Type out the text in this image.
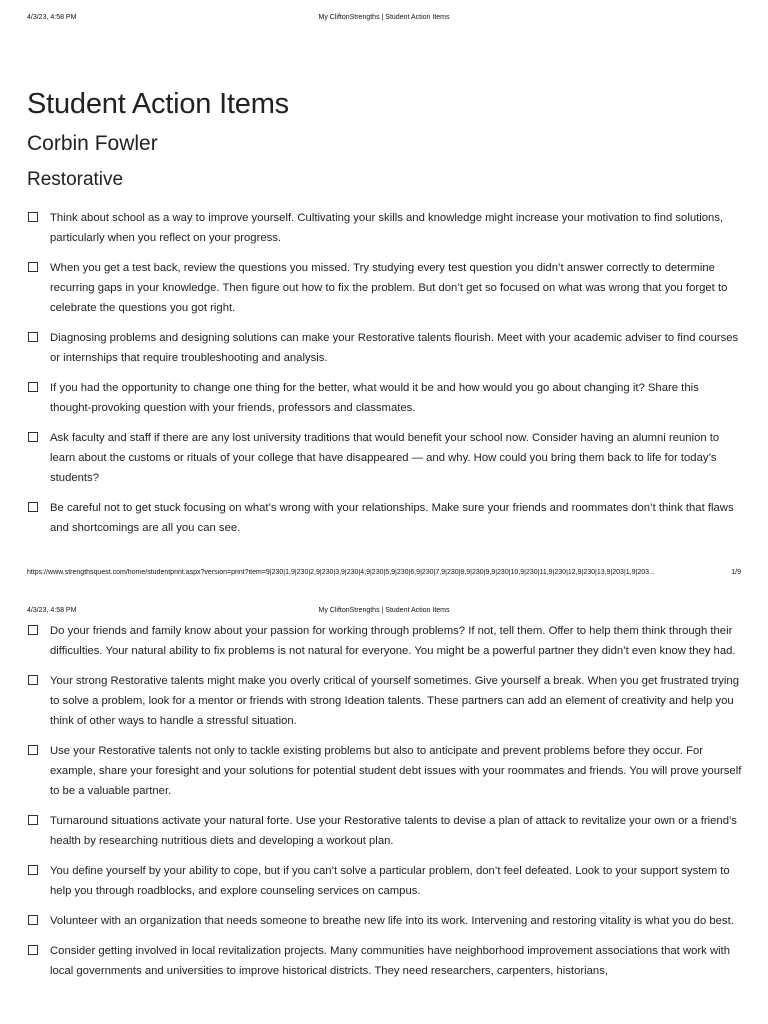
4/3/23, 4:58 PM	My CliftonStrengths | Student Action Items
Student Action Items
Corbin Fowler
Restorative
Think about school as a way to improve yourself. Cultivating your skills and knowledge might increase your motivation to find solutions, particularly when you reflect on your progress.
When you get a test back, review the questions you missed. Try studying every test question you didn’t answer correctly to determine recurring gaps in your knowledge. Then figure out how to fix the problem. But don’t get so focused on what was wrong that you forget to celebrate the questions you got right.
Diagnosing problems and designing solutions can make your Restorative talents flourish. Meet with your academic adviser to find courses or internships that require troubleshooting and analysis.
If you had the opportunity to change one thing for the better, what would it be and how would you go about changing it? Share this thought-provoking question with your friends, professors and classmates.
Ask faculty and staff if there are any lost university traditions that would benefit your school now. Consider having an alumni reunion to learn about the customs or rituals of your college that have disappeared — and why. How could you bring them back to life for today’s students?
Be careful not to get stuck focusing on what’s wrong with your relationships. Make sure your friends and roommates don’t think that flaws and shortcomings are all you can see.
https://www.strengthsquest.com/home/studentprint.aspx?version=print?item=9|230|1,9|230|2,9|230|3,9|230|4,9|230|5,9|230|6,9|230|7,9|230|8,9|230|9,9|230|10,9|230|11,9|230|12,9|230|13,9|203|1,9|203...	1/9
4/3/23, 4:58 PM	My CliftonStrengths | Student Action Items
Do your friends and family know about your passion for working through problems? If not, tell them. Offer to help them think through their difficulties. Your natural ability to fix problems is not natural for everyone. You might be a powerful partner they didn’t even know they had.
Your strong Restorative talents might make you overly critical of yourself sometimes. Give yourself a break. When you get frustrated trying to solve a problem, look for a mentor or friends with strong Ideation talents. These partners can add an element of creativity and help you think of other ways to handle a stressful situation.
Use your Restorative talents not only to tackle existing problems but also to anticipate and prevent problems before they occur. For example, share your foresight and your solutions for potential student debt issues with your roommates and friends. You will prove yourself to be a valuable partner.
Turnaround situations activate your natural forte. Use your Restorative talents to devise a plan of attack to revitalize your own or a friend’s health by researching nutritious diets and developing a workout plan.
You define yourself by your ability to cope, but if you can’t solve a particular problem, don’t feel defeated. Look to your support system to help you through roadblocks, and explore counseling services on campus.
Volunteer with an organization that needs someone to breathe new life into its work. Intervening and restoring vitality is what you do best.
Consider getting involved in local revitalization projects. Many communities have neighborhood improvement associations that work with local governments and universities to improve historical districts. They need researchers, carpenters, historians,
